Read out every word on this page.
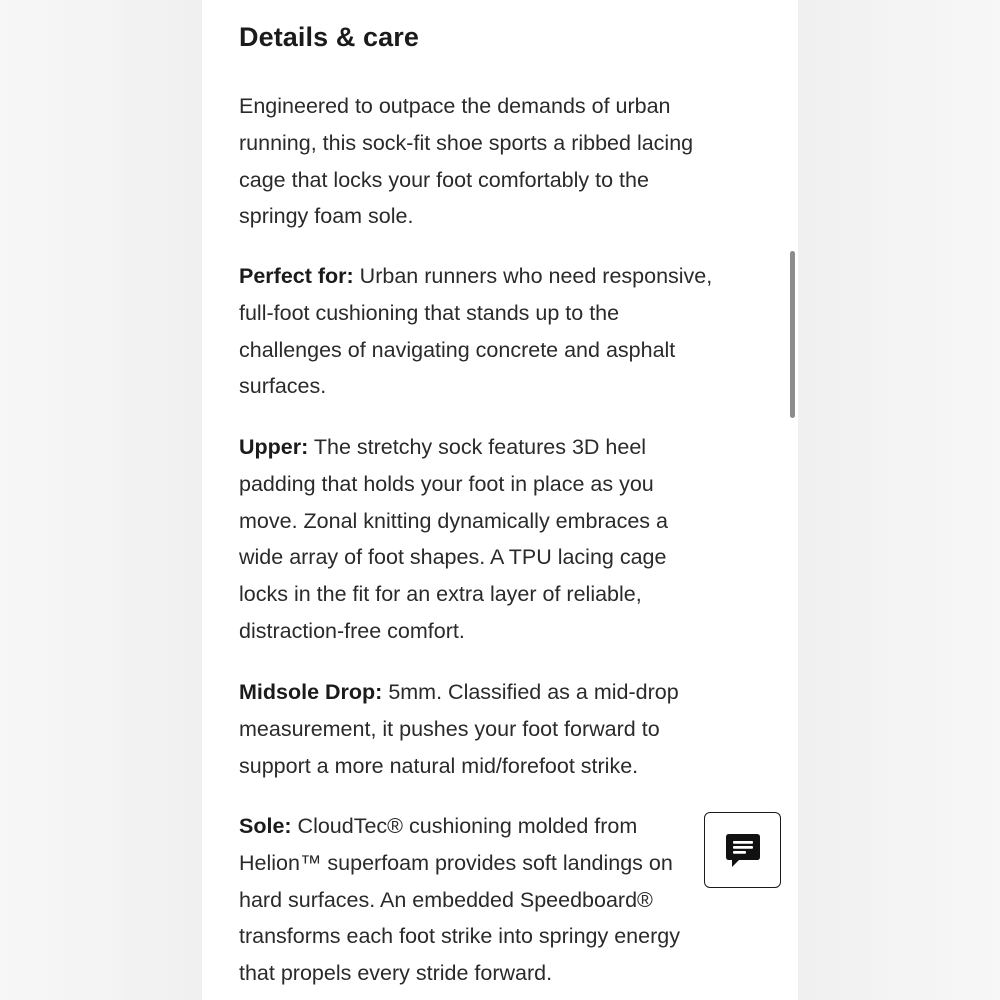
Details & care

Engineered to outpace the demands of urban
running, this sock-fit shoe sports a ribbed lacing
cage that locks your foot comfortably to the
springy foam sole.

Perfect for: Urban runners who need responsive,
full-foot cushioning that stands up to the
challenges of navigating concrete and asphalt
surfaces.

Upper: The stretchy sock features 3D heel
padding that holds your foot in place as you
move. Zonal knitting dynamically embraces a
wide array of foot shapes. A TPU lacing cage
locks in the fit for an extra layer of reliable,
distraction-free comfort.

Midsole Drop: 5mm. Classified as a mid-drop
measurement, it pushes your foot forward to
support a more natural mid/forefoot strike.

Sole: CloudTec® cushioning molded from
Helion™ superfoam provides soft landings on
hard surfaces. An embedded Speedboard®
transforms each foot strike into springy energy
that propels every stride forward.
